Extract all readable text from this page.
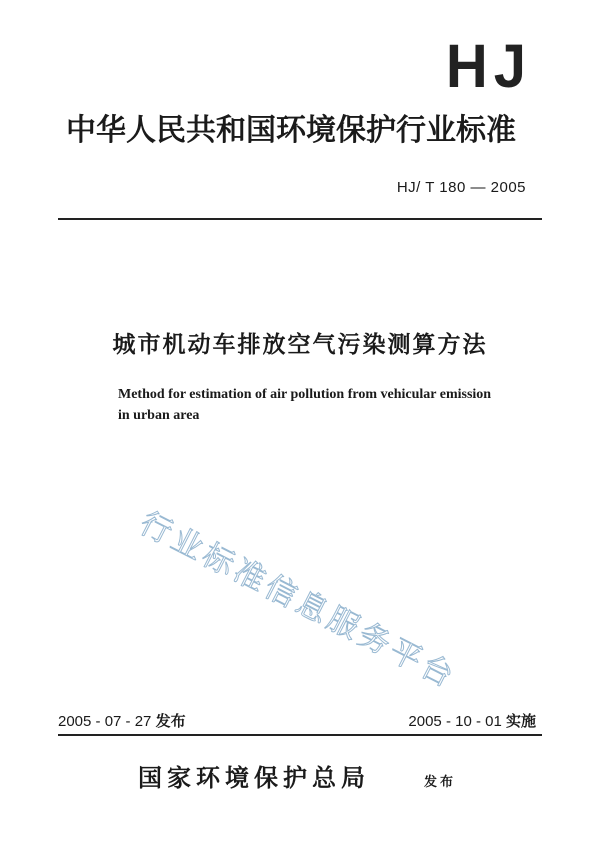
HJ
中华人民共和国环境保护行业标准
HJ/ T 180 — 2005
城市机动车排放空气污染测算方法
Method for estimation of air pollution from vehicular emission
in urban area
行业标准信息服务平台
2005 - 07 - 27 发布	2005 - 10 - 01 实施
国家环境保护总局	发布
